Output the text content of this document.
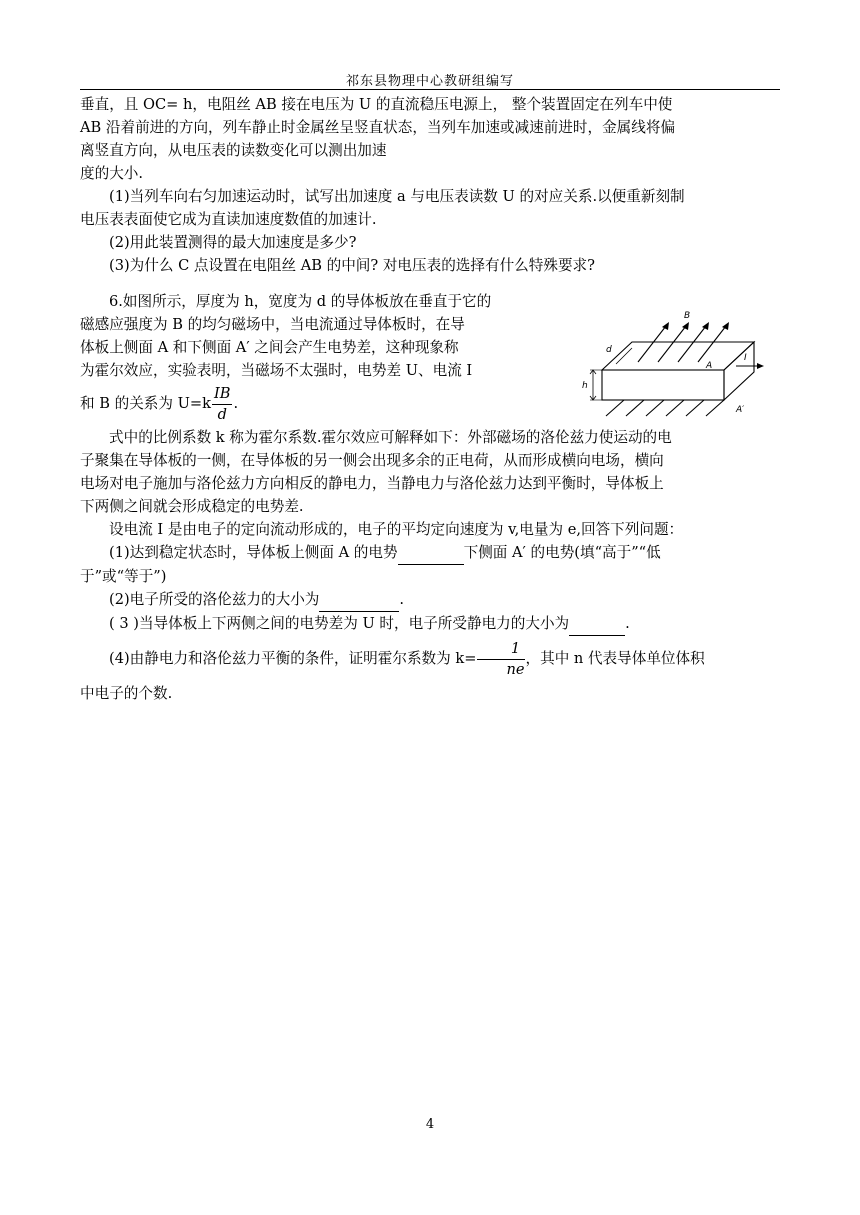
祁东县物理中心教研组编写

垂直，且 OC= h，电阻丝 AB 接在电压为 U 的直流稳压电源上， 整个装置固定在列车中使

AB 沿着前进的方向，列车静止时金属丝呈竖直状态，当列车加速或减速前进时，金属线将偏

离竖直方向，从电压表的读数变化可以测出加速

度的大小.

(1)当列车向右匀加速运动时，试写出加速度 a 与电压表读数 U 的对应关系.以便重新刻制

电压表表面使它成为直读加速度数值的加速计.

(2)用此装置测得的最大加速度是多少?

(3)为什么 C 点设置在电阻丝 AB 的中间? 对电压表的选择有什么特殊要求?

6.如图所示，厚度为 h，宽度为 d 的导体板放在垂直于它的

磁感应强度为 B 的均匀磁场中，当电流通过导体板时，在导

体板上侧面 A 和下侧面 A′ 之间会产生电势差，这种现象称

为霍尔效应，实验表明，当磁场不太强时，电势差 U、电流 I

和 B 的关系为 $U=k \frac{IB}{d}$ .

式中的比例系数 k 称为霍尔系数.霍尔效应可解释如下：外部磁场的洛伦兹力使运动的电

子聚集在导体板的一侧，在导体板的另一侧会出现多余的正电荷，从而形成横向电场，横向

电场对电子施加与洛伦兹力方向相反的静电力，当静电力与洛伦兹力达到平衡时，导体板上

下两侧之间就会形成稳定的电势差.

设电流 I 是由电子的定向流动形成的，电子的平均定向速度为 v,电量为 e,回答下列问题：

(1)达到稳定状态时，导体板上侧面 A 的电势	下侧面 A′ 的电势(填“高于”“低

于”或“等于”)

(2)电子所受的洛伦兹力的大小为	.

( 3 )当导体板上下两侧之间的电势差为 U 时，电子所受静电力的大小为	.

(4)由静电力和洛伦兹力平衡的条件，证明霍尔系数为 $k= \frac{1}{ne}$ ，其中 n 代表导体单位体积

中电子的个数.

B
d
h
A
A′
I
4
